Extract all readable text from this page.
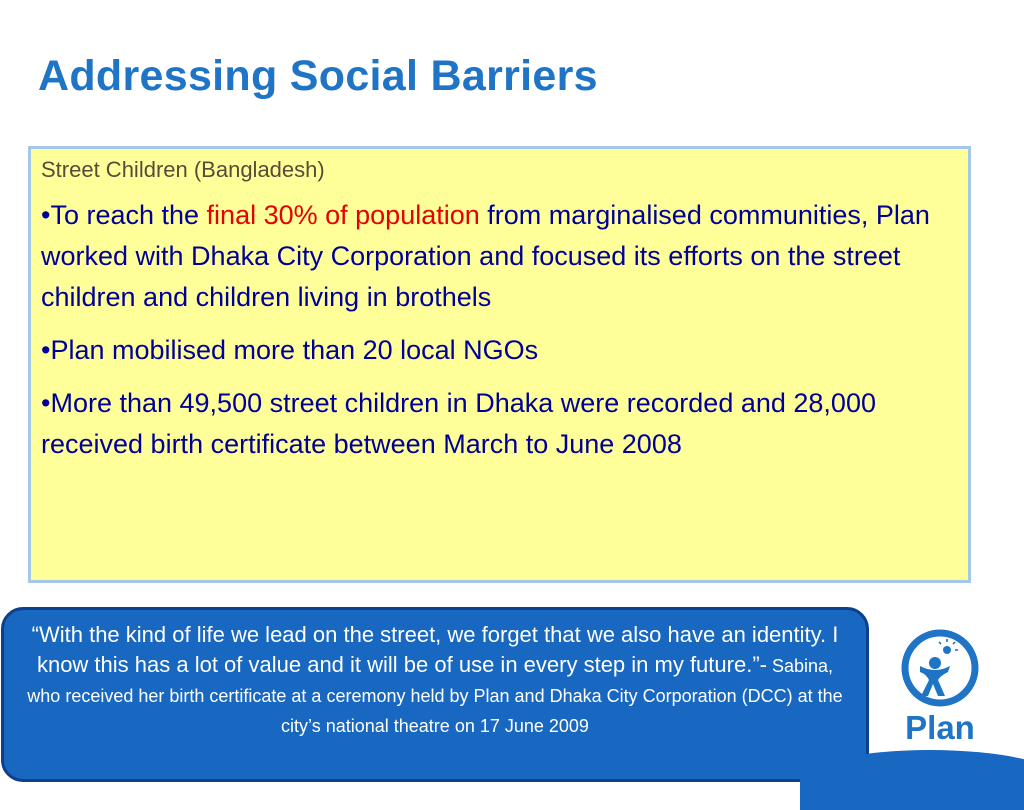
Addressing Social Barriers
Street Children (Bangladesh)
•To reach the final 30% of population from marginalised communities, Plan worked with Dhaka City Corporation and focused its efforts on the street children and children living in brothels
•Plan mobilised more than 20 local NGOs
•More than 49,500 street children in Dhaka were recorded and 28,000 received birth certificate between March to June 2008
“With the kind of life we lead on the street, we forget that we also have an identity. I know this has a lot of value and it will be of use in every step in my future.”- Sabina, who received her birth certificate at a ceremony held by Plan and Dhaka City Corporation (DCC) at the city’s national theatre on 17 June 2009	Plan
